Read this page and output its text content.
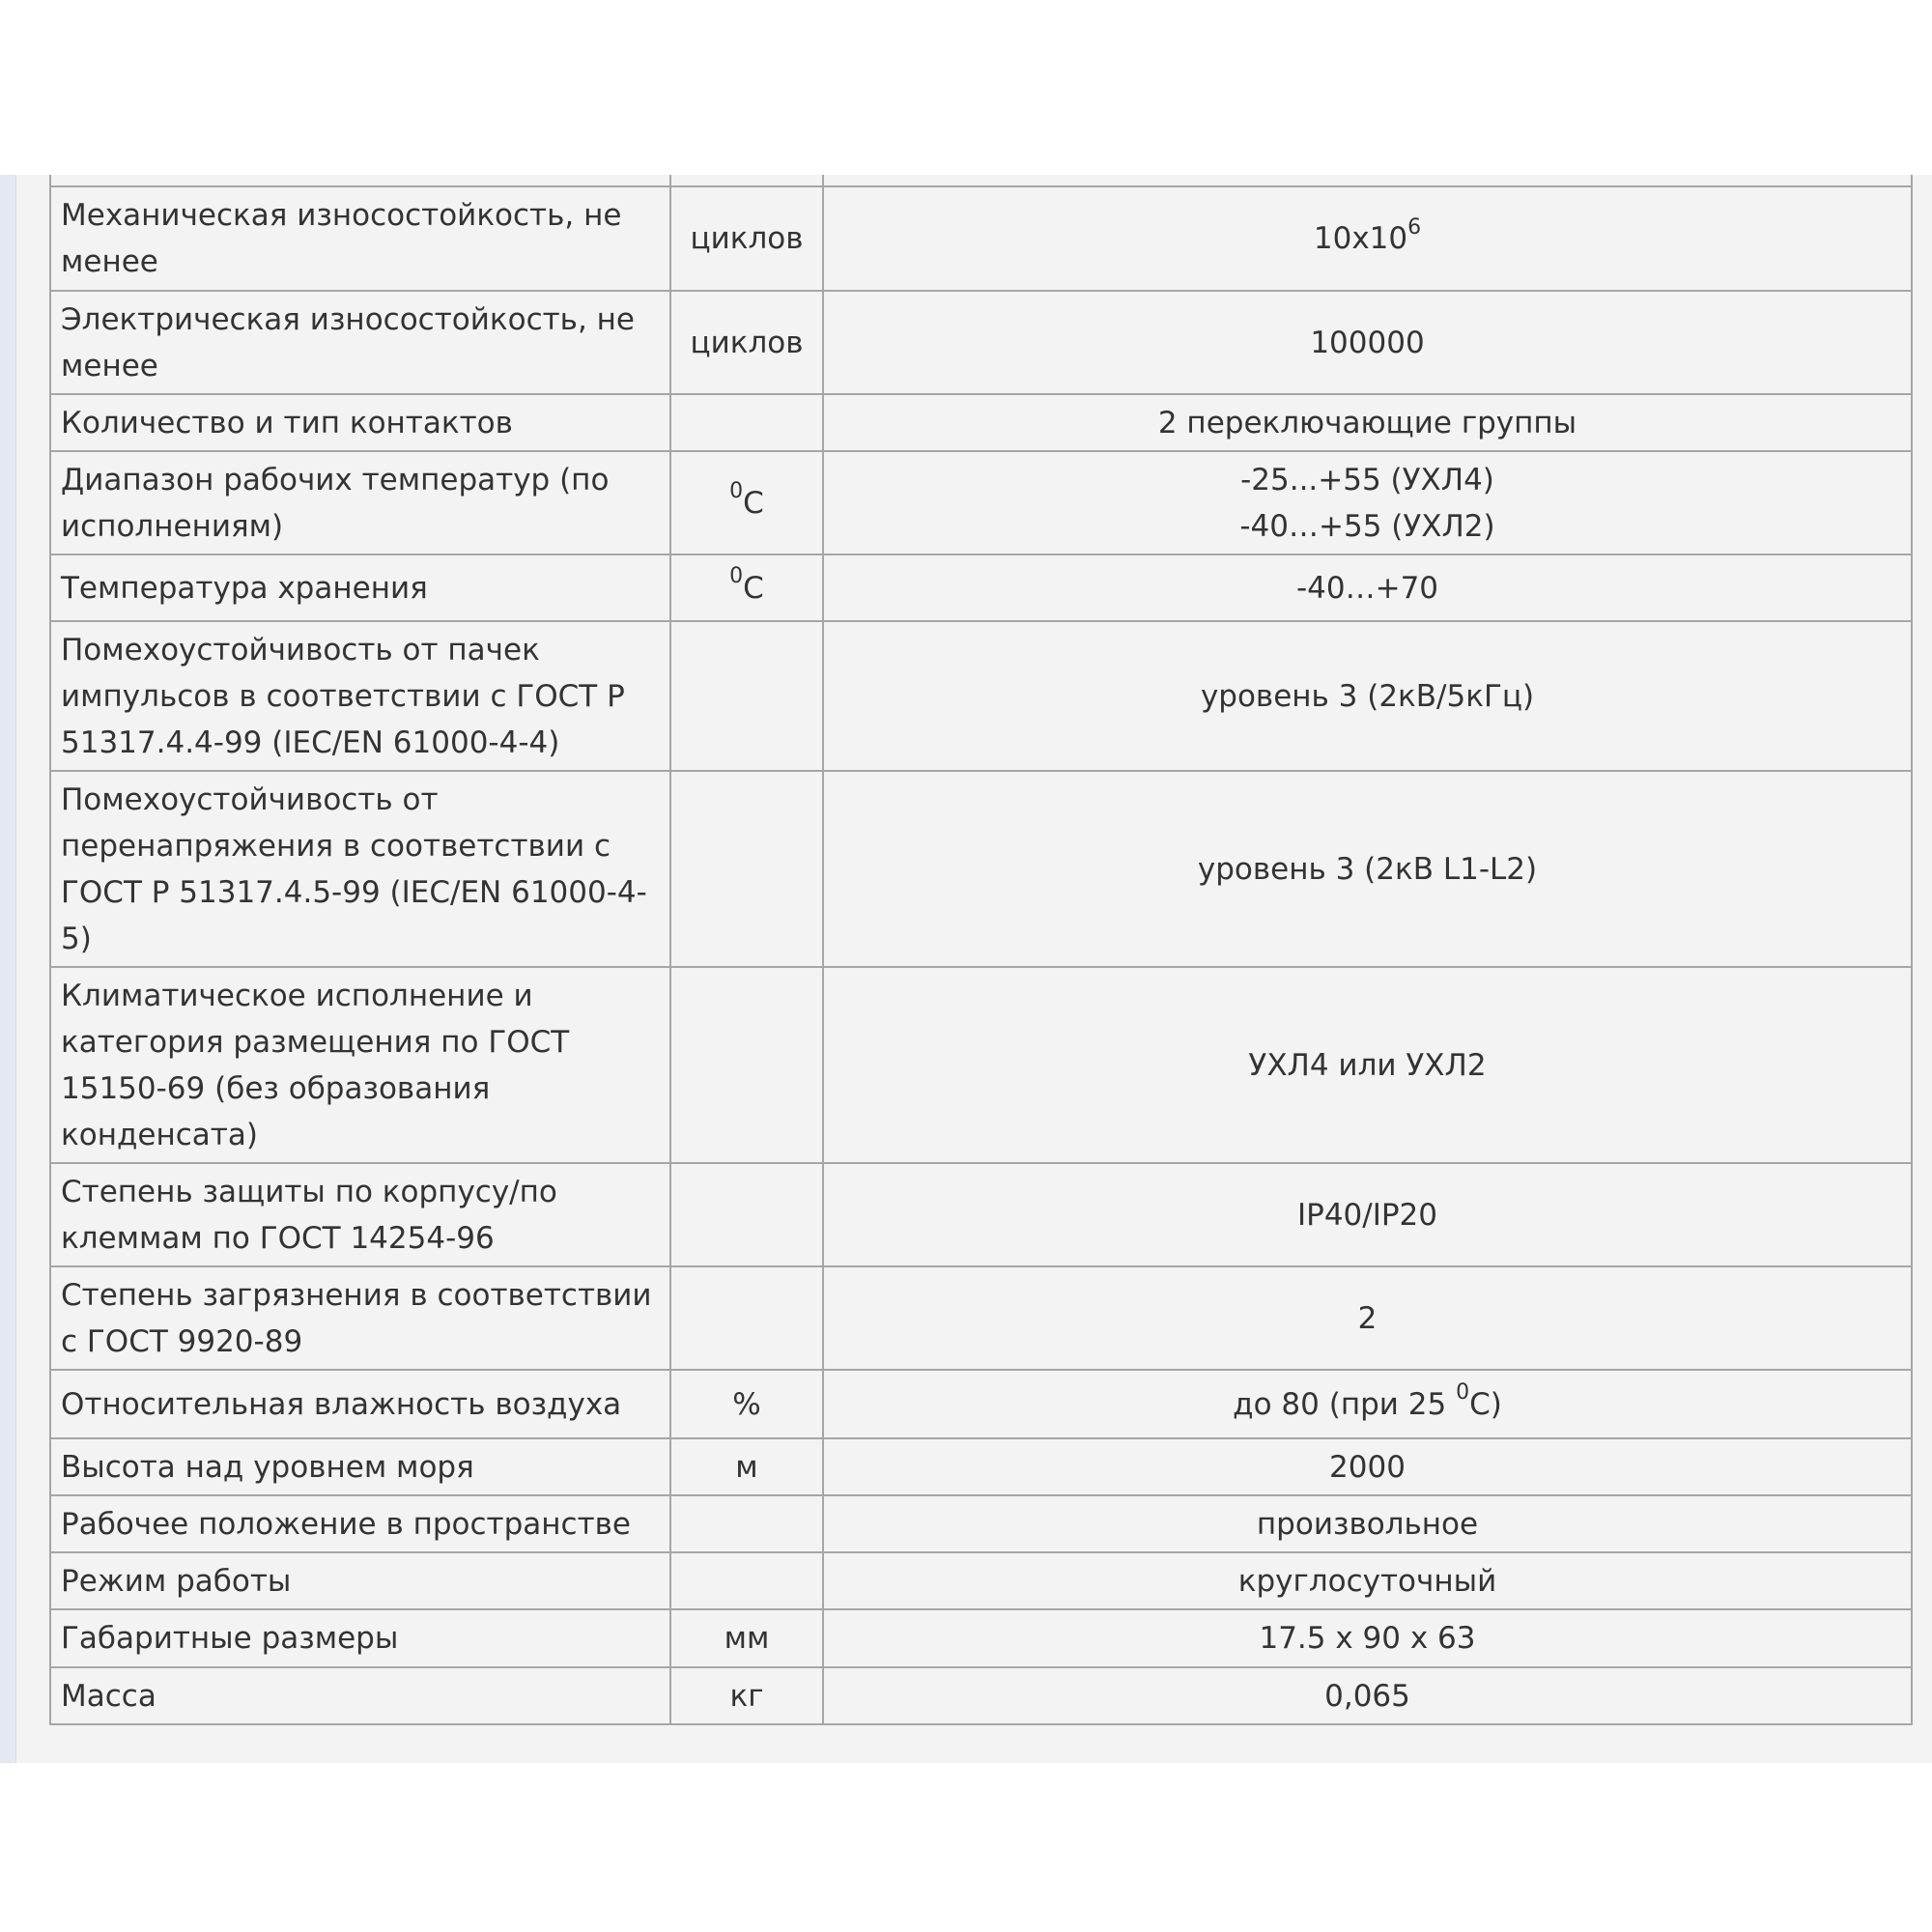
Механическая износостойкость, не менее	циклов	$10х10^6$
Электрическая износостойкость, не менее	циклов	100000
Количество и тип контактов		2 переключающие группы
Диапазон рабочих температур (по исполнениям)	$^0$С	-25...+55 (УХЛ4)
-40…+55 (УХЛ2)

Температура хранения	$^0$С	-40…+70
Помехоустойчивость от пачек импульсов в соответствии с ГОСТ Р 51317.4.4-99 (IEC/EN 61000-4-4)		уровень 3 (2кВ/5кГц)
Помехоустойчивость от перенапряжения в соответствии с ГОСТ Р 51317.4.5-99 (IEC/EN 61000-4-5)		уровень 3 (2кВ L1-L2)
Климатическое исполнение и категория размещения по ГОСТ 15150-69 (без образования конденсата)		УХЛ4 или УХЛ2
Степень защиты по корпусу/по клеммам по ГОСТ 14254-96		IP40/IP20
Степень загрязнения в соответствии с ГОСТ 9920-89		2
Относительная влажность воздуха	%	до 80 (при 25 $^0$С)
Высота над уровнем моря	м	2000
Рабочее положение в пространстве		произвольное
Режим работы		круглосуточный
Габаритные размеры	мм	17.5 х 90 х 63
Масса	кг	0,065
